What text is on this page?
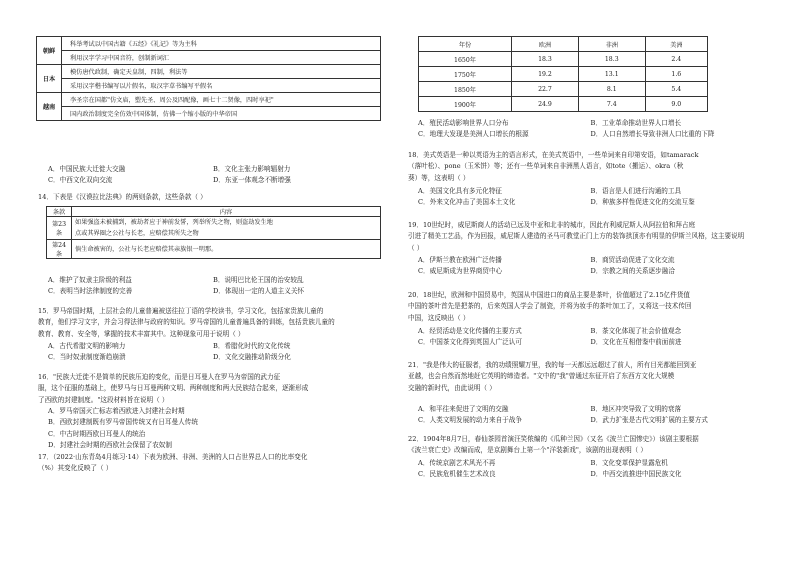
朝鲜	科举考试以中国古籍《五经》《礼记》等为主科
	利用汉字学习中国音符，创制新词汇
日本	模仿唐代政制，确定天皇制，四制，利法等
	采用汉字楷书编写以片假名，取汉字草书编写平假名
越南	李圣宗在国都"仿文庙，塑先圣、周公及四配像，画七十二贤像，四时享祀"
	国内政治制度完全仿效中国体制，仿佛一个缩小版的中华帝国
A．中国民族大迁徙大交融	B．文化主张力影响辐射力
C．中西文化双向交流	D．东亚一体观念不断增强
14．下表是《汉谟拉比法典》的两则条款，这些条款（ ）
条款	内容
第23条	如果强盗未被捕到，被劫者应于神前发誓，列举所失之物，则盗劫发生地
点或其界圈之公社与长老，应赔偿其所失之物

第24条	倘生命被害的，公社与长老应赔偿其亲族银一明那。
A．维护了奴隶主阶级的利益	B．说明巴比伦王国的治安较乱
C．表明当时法律制度的完善	D．体现出一定的人道主义关怀
15．罗马帝国时期，上层社会的儿童普遍被送往拉丁语的学校读书，学习文化，包括家贵族儿童的
教育，他们学习文字，并会习得法律与政府的知识。罗马帝国的儿童普遍具备的训练，包括贵族儿童的
教育、教育、安全等，掌握的技术丰富其中。这种现象可用于说明（ ）
A．古代希腊文明的影响力	B．希腊化时代的文化传统
C．当时奴隶制度渐趋崩溃	D．文化交融推动阶级分化
16．"民族大迁徙不是简单的民族压迫的变化，而是日耳曼人在罗马为帝国的武力征
服，这个征服的基础上，使罗马与日耳曼两种文明、两种制度和两大民族结合起来，逐渐形成
了西欧的封建制度。"这段材料旨在说明（ ）
A．罗马帝国灭亡标志着西欧进入封建社会时期
B．西欧封建制既有罗马帝国传统又有日耳曼人传统
C．中古时期西欧日耳曼人的统治
D．封建社会时期的西欧社会保留了农奴制
17．（2022·山东青岛4月练习·14）下表为欧洲、非洲、美洲的人口占世界总人口的比率变化
（%）其变化反映了（ ）
年份	欧洲	非洲	美洲
1650年	18.3	18.3	2.4
1750年	19.2	13.1	1.6
1850年	22.7	8.1	5.4
1900年	24.9	7.4	9.0
A．殖民活动影响世界人口分布	B．工业革命推动世界人口增长
C．地理大发现是美洲人口增长的根源	D．人口自然增长导致非洲人口比重的下降
18．美式英语是一种以英语为主的语言形式，在美式英语中，一些单词来自印第安语，如tamarack
（落叶松）、pone（玉米饼）等；还有一些单词来自非洲黑人语言，如tote（搬运）、okra（秋
葵）等，这表明（ ）
A．美国文化具有多元化特征	B．语言是人们进行沟通的工具
C．外来文化冲击了美国本土文化	D．种族多样性促进文化的交流互鉴
19．10世纪时，威尼斯商人的活动已远及中亚和北非的城市，因此有利威尼斯人从阿拉伯和拜占庭
引进了精美工艺品，作为回报，威尼斯人建造的圣马可教堂正门上方的装饰拱顶亦有明显的伊斯兰风格，这主要说明
（ ）
A．伊斯兰教在欧洲广泛传播	B．商贸活动促进了文化交流
C．威尼斯成为世界商贸中心	D．宗教之间的关系逐步融洽
20．18世纪，欧洲和中国贸易中，英国从中国进口的商品主要是茶叶，价值超过了2.15亿件货值
中国的茶叶首先是把茶的，后来英国人学会了制瓷，并将为妆手的茶叶加工了，又将这一技术传回
中国，这反映出（ ）
A．经贸活动是文化传播的主要方式	B．茶文化体现了社会价值观念
C．中国茶文化得到英国人广泛认可	D．文化在互相借鉴中前面前进
21．"我是伟大的征服者，我的功绩照耀万里，我的每一天都远远超过了前人，所有目光都能回到亚
亚越，也会自然而然地赶它英明的缔造者。"文中的"我"曾通过东征开启了东西方文化大规模
交融的新时代，由此说明（ ）
A．和平往来促进了文明的交融	B．地区冲突导致了文明的衰落
C．人类文明发展的动力来自于战争	D．武力扩张是古代文明扩展的主要方式
22．1904年8月7日，春仙茶园首演汪笑侬编的《瓜种兰因》（又名《波兰亡国惨史》）该剧主要根据
《波兰衰亡史》改编而成，是京剧舞台上第一个"洋装新戏"，该剧的出现表明（ ）
A．传统京剧艺术风光不再	B．文化变革保护显露危机
C．民族危机催生艺术改良	D．中西交流推进中国民族文化
